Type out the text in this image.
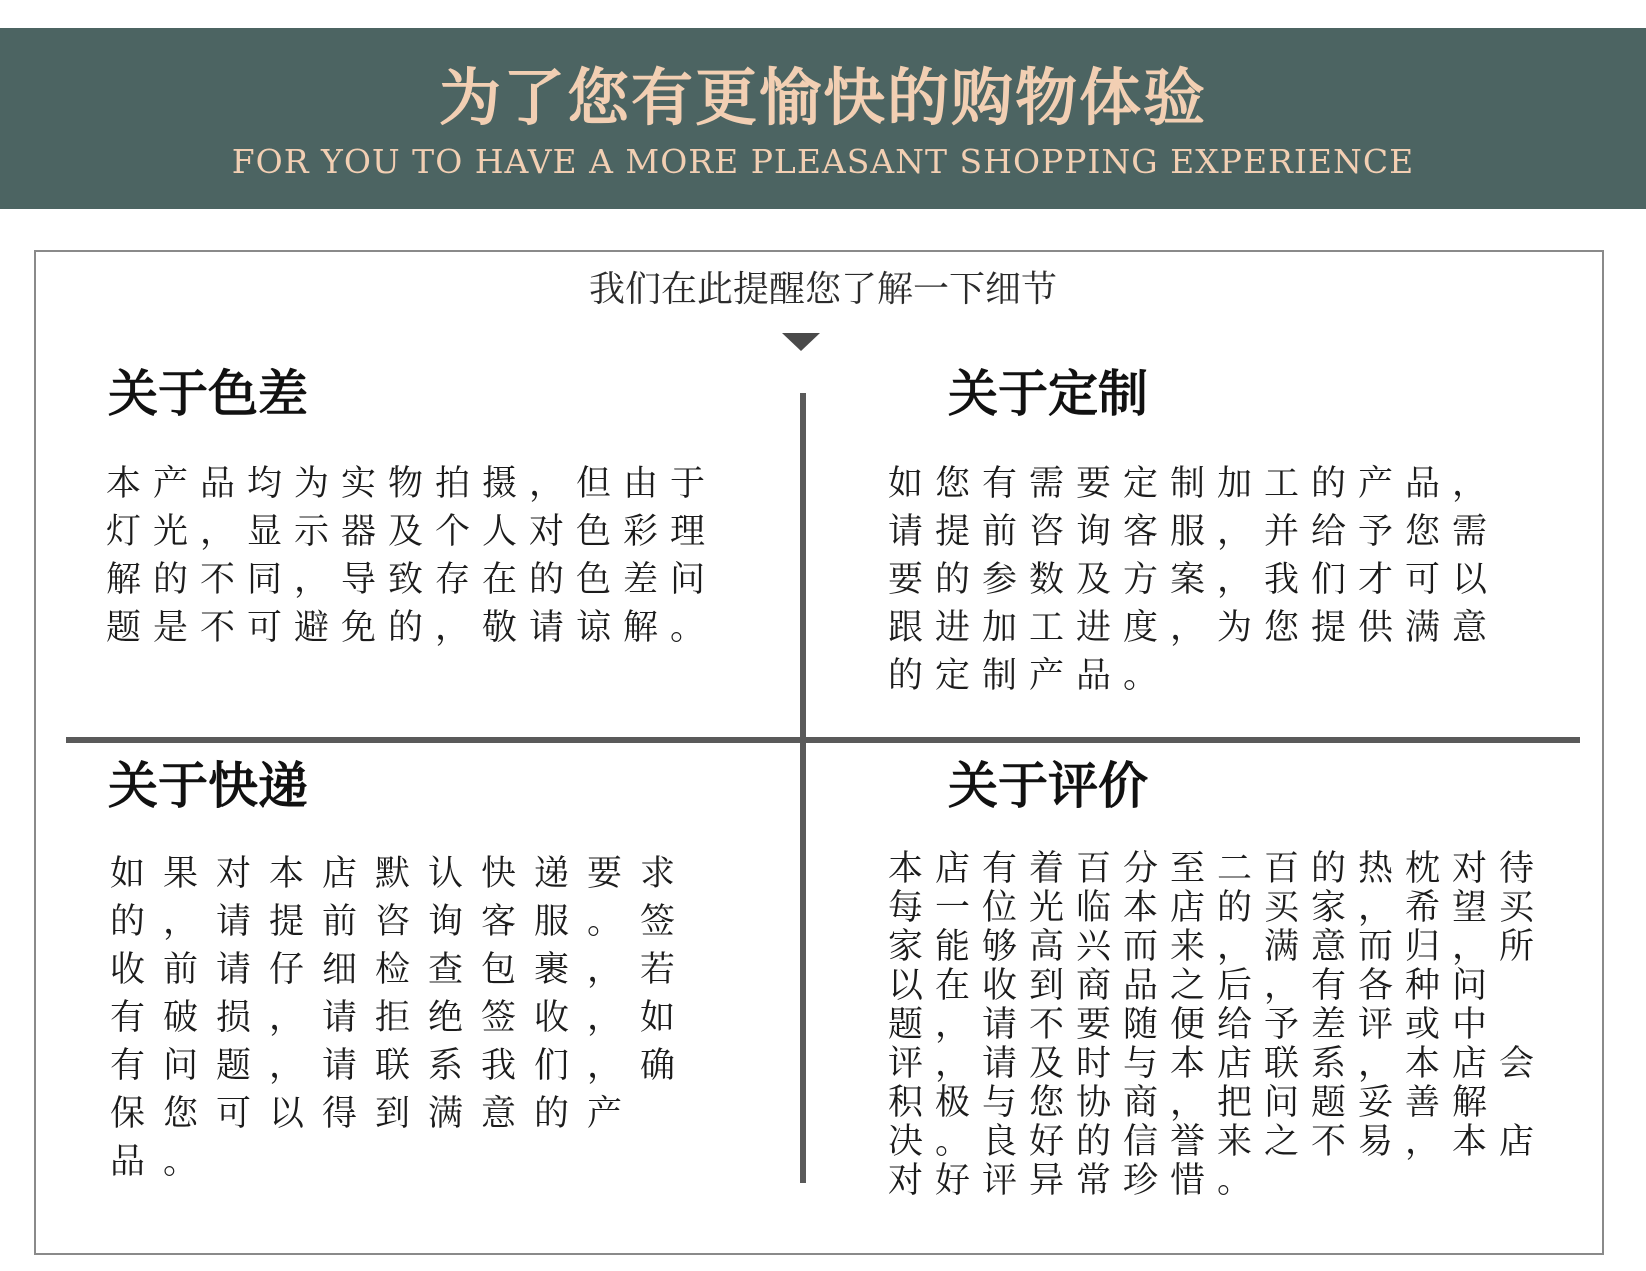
为了您有更愉快的购物体验
FOR YOU TO HAVE A MORE PLEASANT SHOPPING EXPERIENCE
我们在此提醒您了解一下细节
关于色差

本产品均为实物拍摄，但由于灯光，显示器及个人对色彩理解的不同，导致存在的色差问题是不可避免的，敬请谅解。

关于定制

如您有需要定制加工的产品，请提前咨询客服，并给予您需要的参数及方案，我们才可以跟进加工进度，为您提供满意的定制产品。

关于快递

如果对本店默认快递要求的，请提前咨询客服。签收前请仔细检查包裹，若有破损，请拒绝签收，如有问题，请联系我们，确保您可以得到满意的产品。

关于评价

本店有着百分至二百的热枕对待每一位光临本店的买家，希望买家能够高兴而来，满意而归，所以在收到商品之后，有各种问题，请不要随便给予差评或中评，请及时与本店联系，本店会积极与您协商，把问题妥善解决。良好的信誉来之不易，本店对好评异常珍惜。
